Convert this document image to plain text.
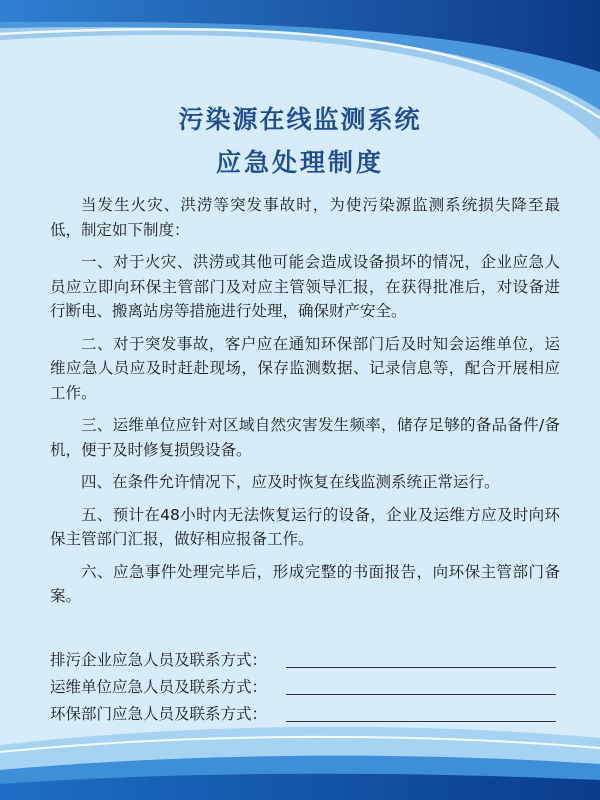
污染源在线监测系统
应急处理制度

当发生火灾、洪涝等突发事故时，为使污染源监测系统损失降至最低，制定如下制度：

一、对于火灾、洪涝或其他可能会造成设备损坏的情况，企业应急人员应立即向环保主管部门及对应主管领导汇报，在获得批准后，对设备进行断电、搬离站房等措施进行处理，确保财产安全。

二、对于突发事故，客户应在通知环保部门后及时知会运维单位，运维应急人员应及时赶赴现场，保存监测数据、记录信息等，配合开展相应工作。

三、运维单位应针对区域自然灾害发生频率，储存足够的备品备件/备机，便于及时修复损毁设备。

四、在条件允许情况下，应及时恢复在线监测系统正常运行。

五、预计在48小时内无法恢复运行的设备，企业及运维方应及时向环保主管部门汇报，做好相应报备工作。

六、应急事件处理完毕后，形成完整的书面报告，向环保主管部门备案。

排污企业应急人员及联系方式：
运维单位应急人员及联系方式：
环保部门应急人员及联系方式：
